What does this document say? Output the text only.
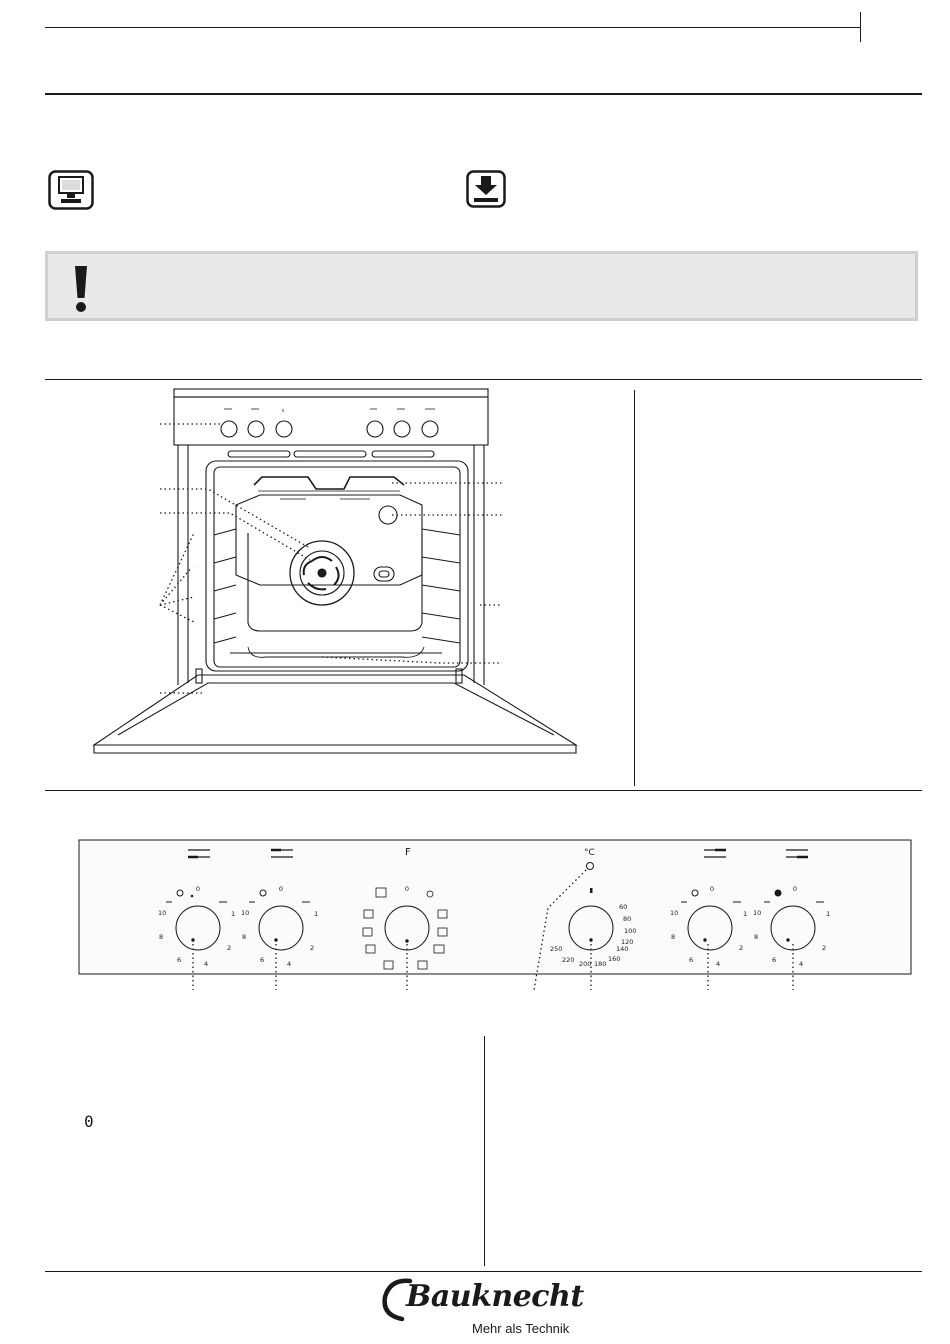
0
1
2
4
6
8
10
0
1
2
4
6
8
10
F
0
°C
60
80
100
120
140
160
180
200
220
250
0
1
2
4
6
8
10
0
1
2
4
6
8
10
0
Bauknecht
Mehr als Technik
